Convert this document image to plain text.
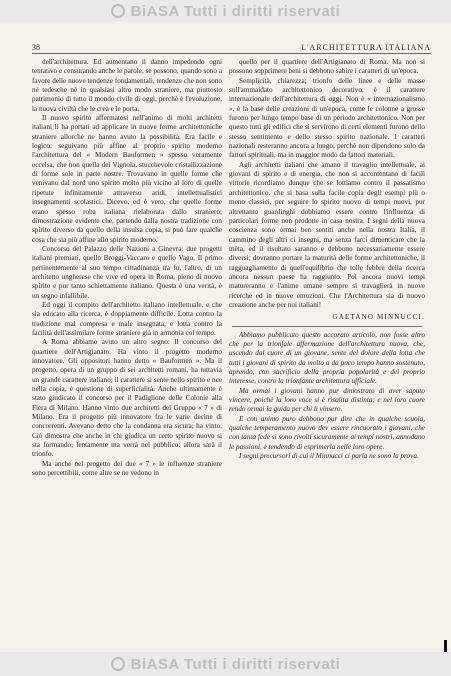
BiASA Tutti i diritti riservati
38	L'ARCHITETTURA ITALIANA

dell'architettura. Ed aumentano il danno impedendo ogni tentativo e censurando anche le parole, se possono, quando sono a favore delle nuove tendenze fondamentali, tendenze che non sono nè tedesche nè in qualsiasi altro modo straniere, ma piuttosto patrimonio di tutto il mondo civile di oggi, perchè è l'evoluzione, la nuova civiltà che le crea e le porta.

Il nuovo spirito affermatosi nell'animo di molti architetti italiani li ha portati ad applicare in nuove forme architettoniche straniere allorchè ne hanno avuto la possibilità. Era facile e logico: seguivano più affine al proprio spirito moderno l'architettura del « Modern Bauformen » spesso veramente eccelsa, che non quella del Vignola, stucchevole cristallizzazione di forme sole in parte nostre. Trovavano in quelle forme che venivano dal nord uno spirito molto più vicino al loro di quelle ripetute infinitamente attraverso aridi, intellettualistici insegnamenti scolastici. Dicevo, ed è vero, che quelle forme erano spesso roba italiana rielaborata dallo straniero; dimostrazione evidente che, partendo dalla nostra tradizione con spirito diverso da quello della insulsa copia, si può fare qualche cosa che sia più affine allo spirito moderno.

Concorso del Palazzo delle Nazioni a Ginevra: due progetti italiani premiati, quello Broggi-Vaccaro e quello Vago. Il primo pertinentemente al suo tempo cittadinanza tra fu, l'altro, di un architetto ungherese che vive ed opera in Roma, pieno di nuovo spirito e pur tanto schiettamente italiano. Questa è una verità, è un segno infallibile.

Ed oggi il compito dell'architetto italiano intellettuale, e che sia educato alla ricerca, è doppiamente difficile. Lotta contro la tradizione mal compresa e male insegnata, e lotta contro la facilità dell'assimilare forme straniere già in armonia col tempo.

A Roma abbiamo avuto un altro segno: Il concorso del quartiere dell'Artigianato. Ha vinto il progetto moderno innovatore. Gli oppositori hanno detto « Bauformen ». Ma il progetto, opera di un gruppo di sei architetti romani, ha tuttavia un grande carattere italiano; il carattere si sente nello spirito e nce nella copia, è questione di superficialità. Anche ultimamente è stato giudicato il concorso per il Padiglione delle Colonie alla Fiera di Milano. Hanno vinto due architetti del Gruppo « 7 » di Milano. Era il progetto più innovatore fra le varie decine di concorrenti. Avevano detto che la condanna era sicura; ha vinto. Ciò dimostra che anche in chi giudica un certo spirito nuovo si sta formando; lentamente ma verrà nel pubblico: allora sarà il trionfo.

Ma anche nel progetto dei due « 7 » le influenze straniere sono percettibili, come altre se ne vedono in

quello per il quartiere dell'Artigianato di Roma. Ma non si possono sopprimere beni sì debbono sabire i caratteri di un'epoca.

Semplicità, chiarezza; trionfo delle linee e delle masse sull'ammaidato architettonico decorativo: è il carattere internazionale dell'architettura di oggi. Non è « internazionalismo », è la base delle creazioni di un'epoca, come le colonne a grosse furono per lungo tempo base di un periodo architettonico. Non per questo tutti gli edifici che si servirono di certi elementi furono dello stesso sentimento e dello stesso spirito nazionale. I caratteri nazionali resteranno ancora a lungo, perchè non dipendono solo da fattori spirituali, ma in maggior modo da fattori materiali.

Agli architetti italiani che amano il travaglio intellettuale, ai giovani di spirito e di energia, che non si accontentano di facili vittorie ricordiamo dunque che se lottiamo contro il passatismo architettonico, che si basa sulla facile copia degli esempi più o meno classici, per seguire lo spirito nuovo di tempi nuovi, pur altrettanto guardinghi dobbiamo essere contro l'influenza di particolari forme non prodotte in casa nostra. I segni della nuova coscienza sono ormai ben sentiti anche nella nostra Italia, il cammino degli altri ci insegni, ma senza farci dimenticare che la mèta, ed il risultato saranno e debbono necessariamente essere diversi; dovranno portare la maturità delle forme architettoniche, il ragguagliamento di quell'equilibrio che tolle febbre della ricerca ancora nessun paese ha raggiunto. Poi ancora nuovi tempi matureranno e l'anime umane sempre si travaglierà in nuove ricerche ed in nuove emozioni. Che l'Architettura sia di nuovo creazione anche per noi italiani!

GAETANO MINNUCCI.

Abbiamo pubblicato questo accorato articolo, non fosse altro che per la trionfale affermazione dell'architettura nuova, che, uscendo dal cuore di un giovane, sente del dolore della lotta che tutti i giovani di spirito da molto a da poco tempo hanno sostenuto, aprendo, con sacrificio della propria popolarità e del proprio interesse, contro la trionfante architettura ufficiale.

Ma ormai i giovani hanno pur dimostrato di aver saputo vincere, poichè la loro voce si è risalita distinta; e nel loro cuore rendo ormai la guida per chi li vinsero.

E con animo puro debbono pur dire che in qualche scuola, qualche temperamento nuovo dev essere rincuorato i giovani, che con tanta fede si sono rivolti sicuramente ai tempi nostri, annodano le passioni, e tendendo di esprimerla nelle loro opere.

I segni precursori di cui il Minnucci ci parla ne sono la prova.

BiASA Tutti i diritti riservati
